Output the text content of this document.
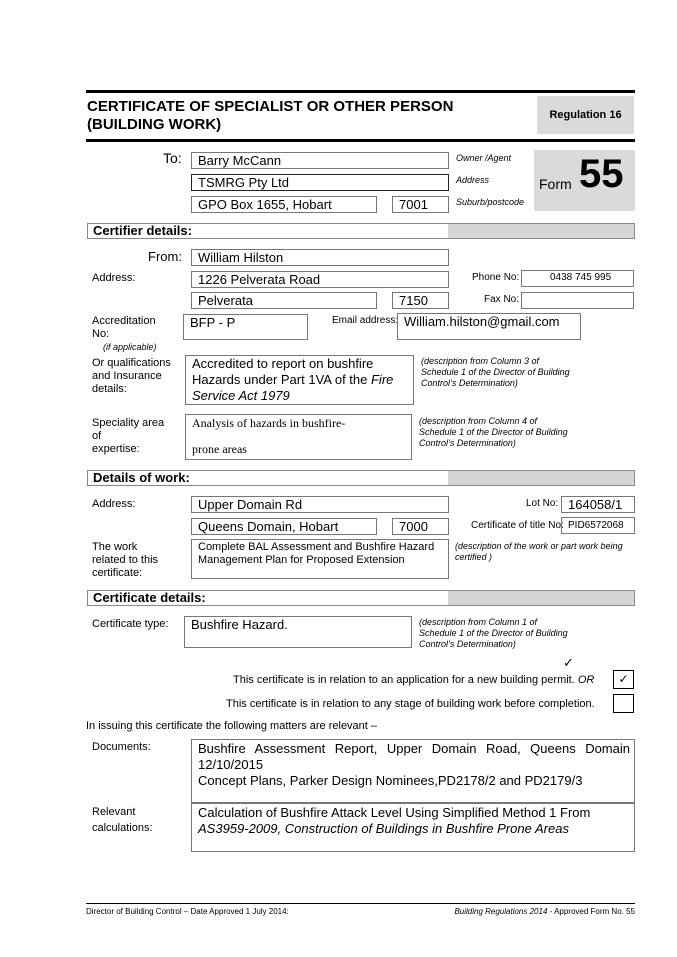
CERTIFICATE OF SPECIALIST OR OTHER PERSON
(BUILDING WORK)
Regulation 16
Form 55
To:	Barry McCann
TSMRG Pty Ltd
GPO Box 1655, Hobart	7001
Owner /Agent
Address
Suburb/postcode
Certifier details:
From:	William Hilston
Address:	1226 Pelverata Road
Pelverata	7150
Phone No:	0438 745 995
Fax No:
Accreditation
No:
(if applicable)
BFP - P	Email address: William.hilston@gmail.com
Or qualifications
and Insurance
details:
Accredited to report on bushfire
Hazards under Part 1VA of the Fire
Service Act 1979
(description from Column 3 of
Schedule 1 of the Director of Building
Control’s Determination)
Speciality area
of
expertise:
Analysis of hazards in bushfire-
prone areas
(description from Column 4 of
Schedule 1 of the Director of Building
Control’s Determination)
Details of work:
Address:	Upper Domain Rd
Queens Domain, Hobart	7000
Lot No: 164058/1
Certificate of title No: PID6572068
The work
related to this
certificate:
Complete BAL Assessment and Bushfire Hazard
Management Plan for Proposed Extension
(description of the work or part work being
certified )
Certificate details:
Certificate type:	Bushfire Hazard.	(description from Column 1 of
Schedule 1 of the Director of Building
Control’s Determination)
✓
This certificate is in relation to an application for a new building permit. OR	✓
This certificate is in relation to any stage of building work before completion.
In issuing this certificate the following matters are relevant –
Documents:	Bushfire Assessment Report, Upper Domain Road, Queens Domain
12/10/2015
Concept Plans, Parker Design Nominees,PD2178/2 and PD2179/3
Relevant
calculations:
Calculation of Bushfire Attack Level Using Simplified Method 1 From
AS3959-2009, Construction of Buildings in Bushfire Prone Areas
Director of Building Control – Date Approved 1 July 2014:	Building Regulations 2014 - Approved Form No. 55
